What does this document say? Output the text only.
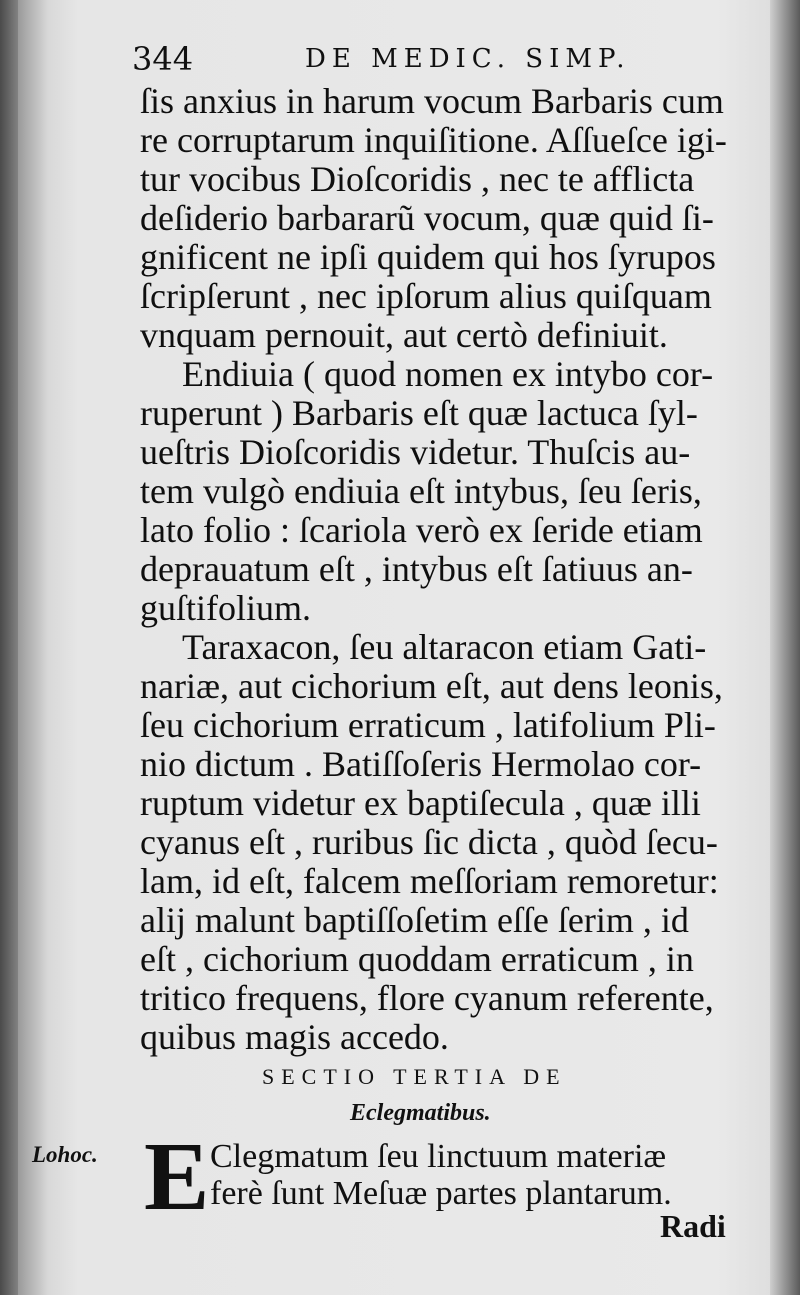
344	DE MEDIC. SIMP.
ſis anxius in harum vocum Barbaris cum
re corruptarum inquiſitione. Aſſueſce igi-
tur vocibus Dioſcoridis , nec te afflicta
deſiderio barbararũ vocum, quæ quid ſi-
gnificent ne ipſi quidem qui hos ſyrupos
ſcripſerunt , nec ipſorum alius quiſquam
vnquam pernouit, aut certò definiuit.
Endiuia ( quod nomen ex intybo cor-
ruperunt ) Barbaris eſt quæ lactuca ſyl-
ueſtris Dioſcoridis videtur. Thuſcis au-
tem vulgò endiuia eſt intybus, ſeu ſeris,
lato folio : ſcariola verò ex ſeride etiam
deprauatum eſt , intybus eſt ſatiuus an-
guſtifolium.
Taraxacon, ſeu altaracon etiam Gati-
nariæ, aut cichorium eſt, aut dens leonis,
ſeu cichorium erraticum , latifolium Pli-
nio dictum . Batiſſoſeris Hermolao cor-
ruptum videtur ex baptiſecula , quæ illi
cyanus eſt , ruribus ſic dicta , quòd ſecu-
lam, id eſt, falcem meſſoriam remoretur:
alij malunt baptiſſoſetim eſſe ſerim , id
eſt , cichorium quoddam erraticum , in
tritico frequens, flore cyanum referente,
quibus magis accedo.
SECTIO TERTIA DE
Eclegmatibus.
Lohoc. E Clegmatum ſeu linctuum materiæ
ferè ſunt Meſuæ partes plantarum.
Radi
